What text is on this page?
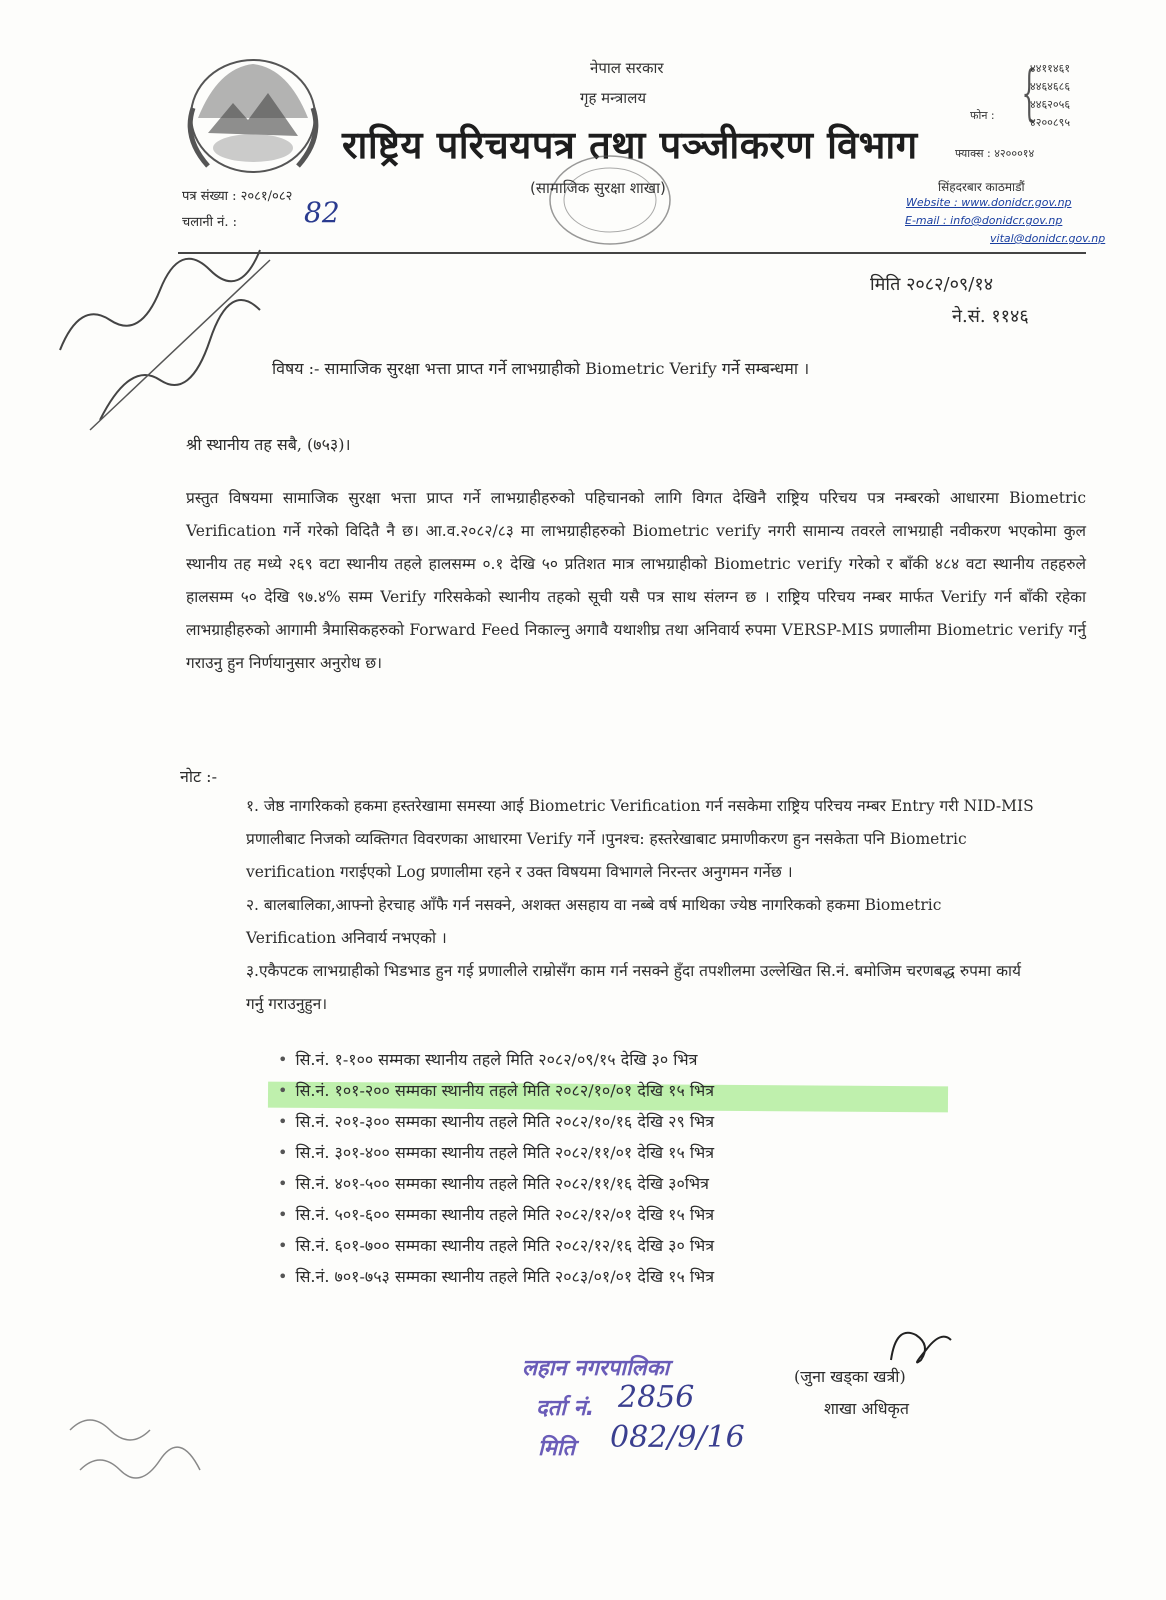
नेपाल सरकार
गृह मन्त्रालय
राष्ट्रिय परिचयपत्र तथा पञ्जीकरण विभाग
(सामाजिक सुरक्षा शाखा)
फोन : {
४४११४६१
४४६४६८६
४४६२०५६
४२००८९५
फ्याक्स : ४२०००१४
सिंहदरबार काठमाडौं
Website : www.donidcr.gov.np
E-mail : info@donidcr.gov.np
vital@donidcr.gov.np
पत्र संख्या : २०८१/०८२
चलानी नं. : 82
मिति २०८२/०९/१४
ने.सं. ११४६
विषय :- सामाजिक सुरक्षा भत्ता प्राप्त गर्ने लाभग्राहीको Biometric Verify गर्ने सम्बन्धमा ।
श्री स्थानीय तह सबै, (७५३)।
प्रस्तुत विषयमा सामाजिक सुरक्षा भत्ता प्राप्त गर्ने लाभग्राहीहरुको पहिचानको लागि विगत देखिनै राष्ट्रिय परिचय पत्र नम्बरको आधारमा Biometric Verification गर्ने गरेको विदितै नै छ। आ.व.२०८२/८३ मा लाभग्राहीहरुको Biometric verify नगरी सामान्य तवरले लाभग्राही नवीकरण भएकोमा कुल स्थानीय तह मध्ये २६९ वटा स्थानीय तहले हालसम्म ०.१ देखि ५० प्रतिशत मात्र लाभग्राहीको Biometric verify गरेको र बाँकी ४८४ वटा स्थानीय तहहरुले हालसम्म ५० देखि ९७.४% सम्म Verify गरिसकेको स्थानीय तहको सूची यसै पत्र साथ संलग्न छ । राष्ट्रिय परिचय नम्बर मार्फत Verify गर्न बाँकी रहेका लाभग्राहीहरुको आगामी त्रैमासिकहरुको Forward Feed निकाल्नु अगावै यथाशीघ्र तथा अनिवार्य रुपमा VERSP-MIS प्रणालीमा Biometric verify गर्नु गराउनु हुन निर्णयानुसार अनुरोध छ।
नोट :-
१. जेष्ठ नागरिकको हकमा हस्तरेखामा समस्या आई Biometric Verification गर्न नसकेमा राष्ट्रिय परिचय नम्बर Entry गरी NID-MIS प्रणालीबाट निजको व्यक्तिगत विवरणका आधारमा Verify गर्ने ।पुनश्च: हस्तरेखाबाट प्रमाणीकरण हुन नसकेता पनि Biometric verification गराईएको Log प्रणालीमा रहने र उक्त विषयमा विभागले निरन्तर अनुगमन गर्नेछ ।
२. बालबालिका,आफ्नो हेरचाह आँफै गर्न नसक्ने, अशक्त असहाय वा नब्बे वर्ष माथिका ज्येष्ठ नागरिकको हकमा Biometric Verification अनिवार्य नभएको ।
३.एकैपटक लाभग्राहीको भिडभाड हुन गई प्रणालीले राम्रोसँग काम गर्न नसक्ने हुँदा तपशीलमा उल्लेखित सि.नं. बमोजिम चरणबद्ध रुपमा कार्य गर्नु गराउनुहुन।
• सि.नं. १-१०० सम्मका स्थानीय तहले मिति २०८२/०९/१५ देखि ३० भित्र
• सि.नं. १०१-२०० सम्मका स्थानीय तहले मिति २०८२/१०/०१ देखि १५ भित्र
• सि.नं. २०१-३०० सम्मका स्थानीय तहले मिति २०८२/१०/१६ देखि २९ भित्र
• सि.नं. ३०१-४०० सम्मका स्थानीय तहले मिति २०८२/११/०१ देखि १५ भित्र
• सि.नं. ४०१-५०० सम्मका स्थानीय तहले मिति २०८२/११/१६ देखि ३०भित्र
• सि.नं. ५०१-६०० सम्मका स्थानीय तहले मिति २०८२/१२/०१ देखि १५ भित्र
• सि.नं. ६०१-७०० सम्मका स्थानीय तहले मिति २०८२/१२/१६ देखि ३० भित्र
• सि.नं. ७०१-७५३ सम्मका स्थानीय तहले मिति २०८३/०१/०१ देखि १५ भित्र
(जुना खड्का खत्री)
शाखा अधिकृत
लहान नगरपालिका
दर्ता नं. 2856
मिति 082/9/16
